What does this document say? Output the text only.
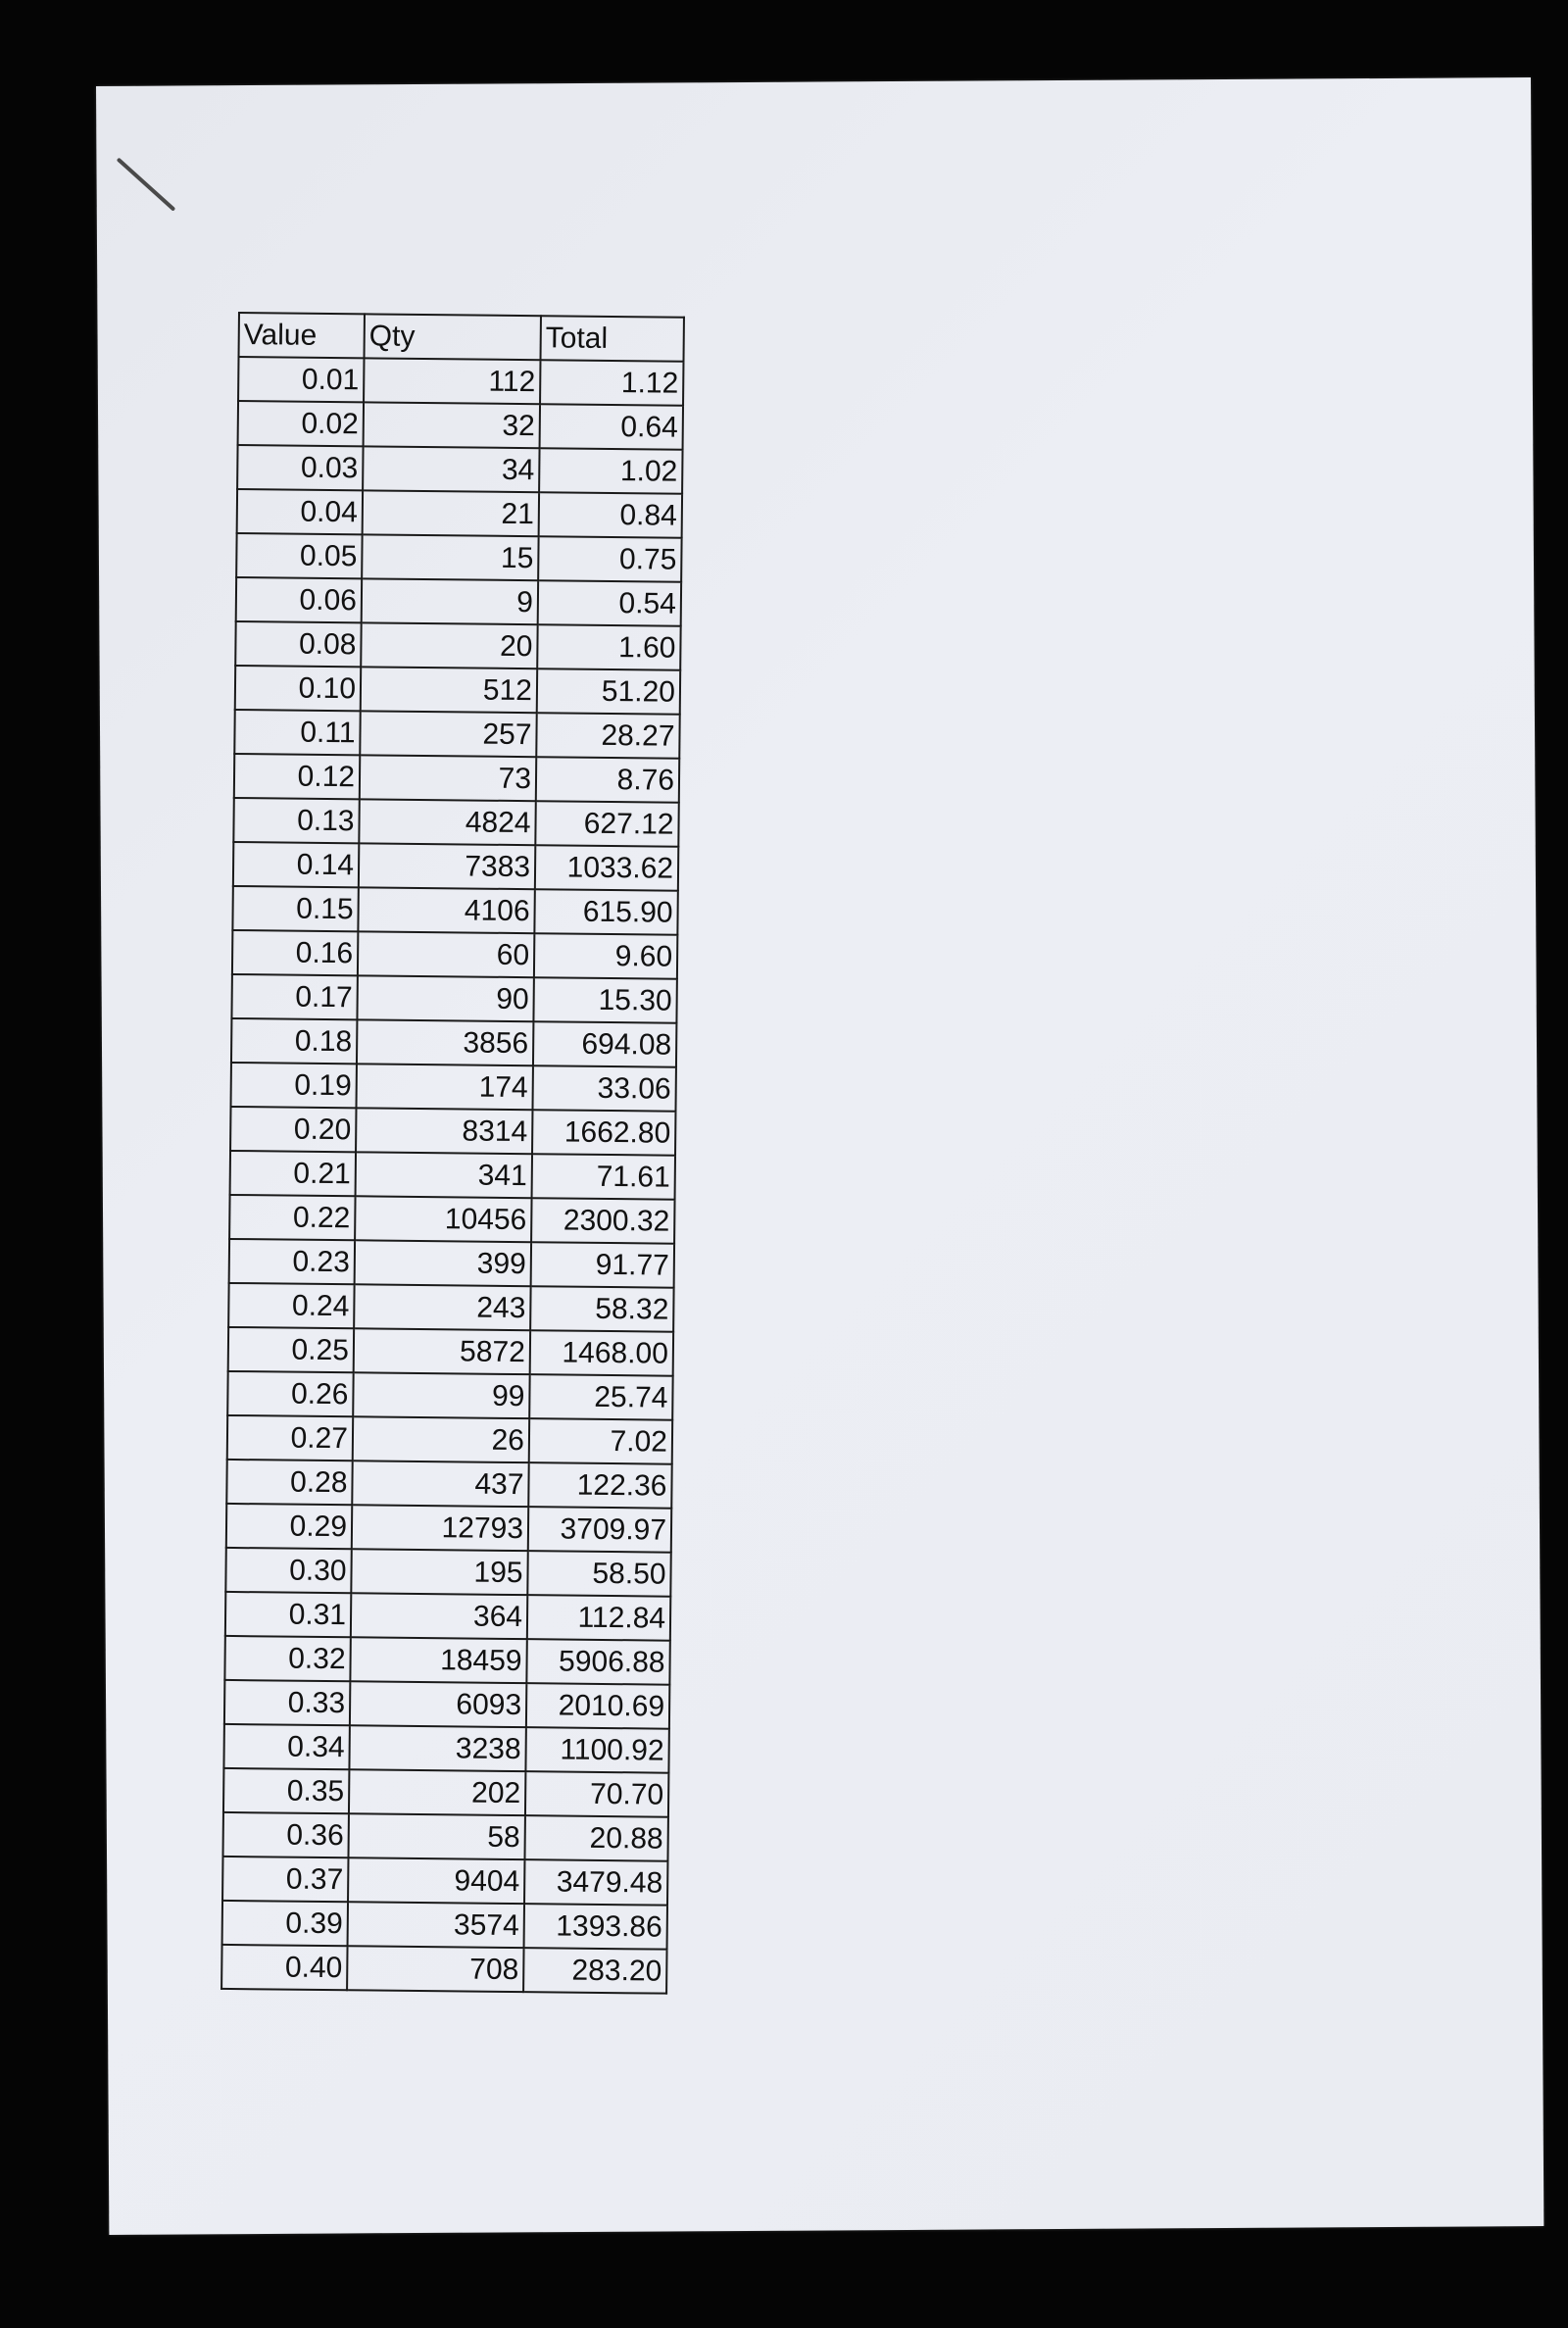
Value	Qty	Total
0.01	112	1.12
0.02	32	0.64
0.03	34	1.02
0.04	21	0.84
0.05	15	0.75
0.06	9	0.54
0.08	20	1.60
0.10	512	51.20
0.11	257	28.27
0.12	73	8.76
0.13	4824	627.12
0.14	7383	1033.62
0.15	4106	615.90
0.16	60	9.60
0.17	90	15.30
0.18	3856	694.08
0.19	174	33.06
0.20	8314	1662.80
0.21	341	71.61
0.22	10456	2300.32
0.23	399	91.77
0.24	243	58.32
0.25	5872	1468.00
0.26	99	25.74
0.27	26	7.02
0.28	437	122.36
0.29	12793	3709.97
0.30	195	58.50
0.31	364	112.84
0.32	18459	5906.88
0.33	6093	2010.69
0.34	3238	1100.92
0.35	202	70.70
0.36	58	20.88
0.37	9404	3479.48
0.39	3574	1393.86
0.40	708	283.20
